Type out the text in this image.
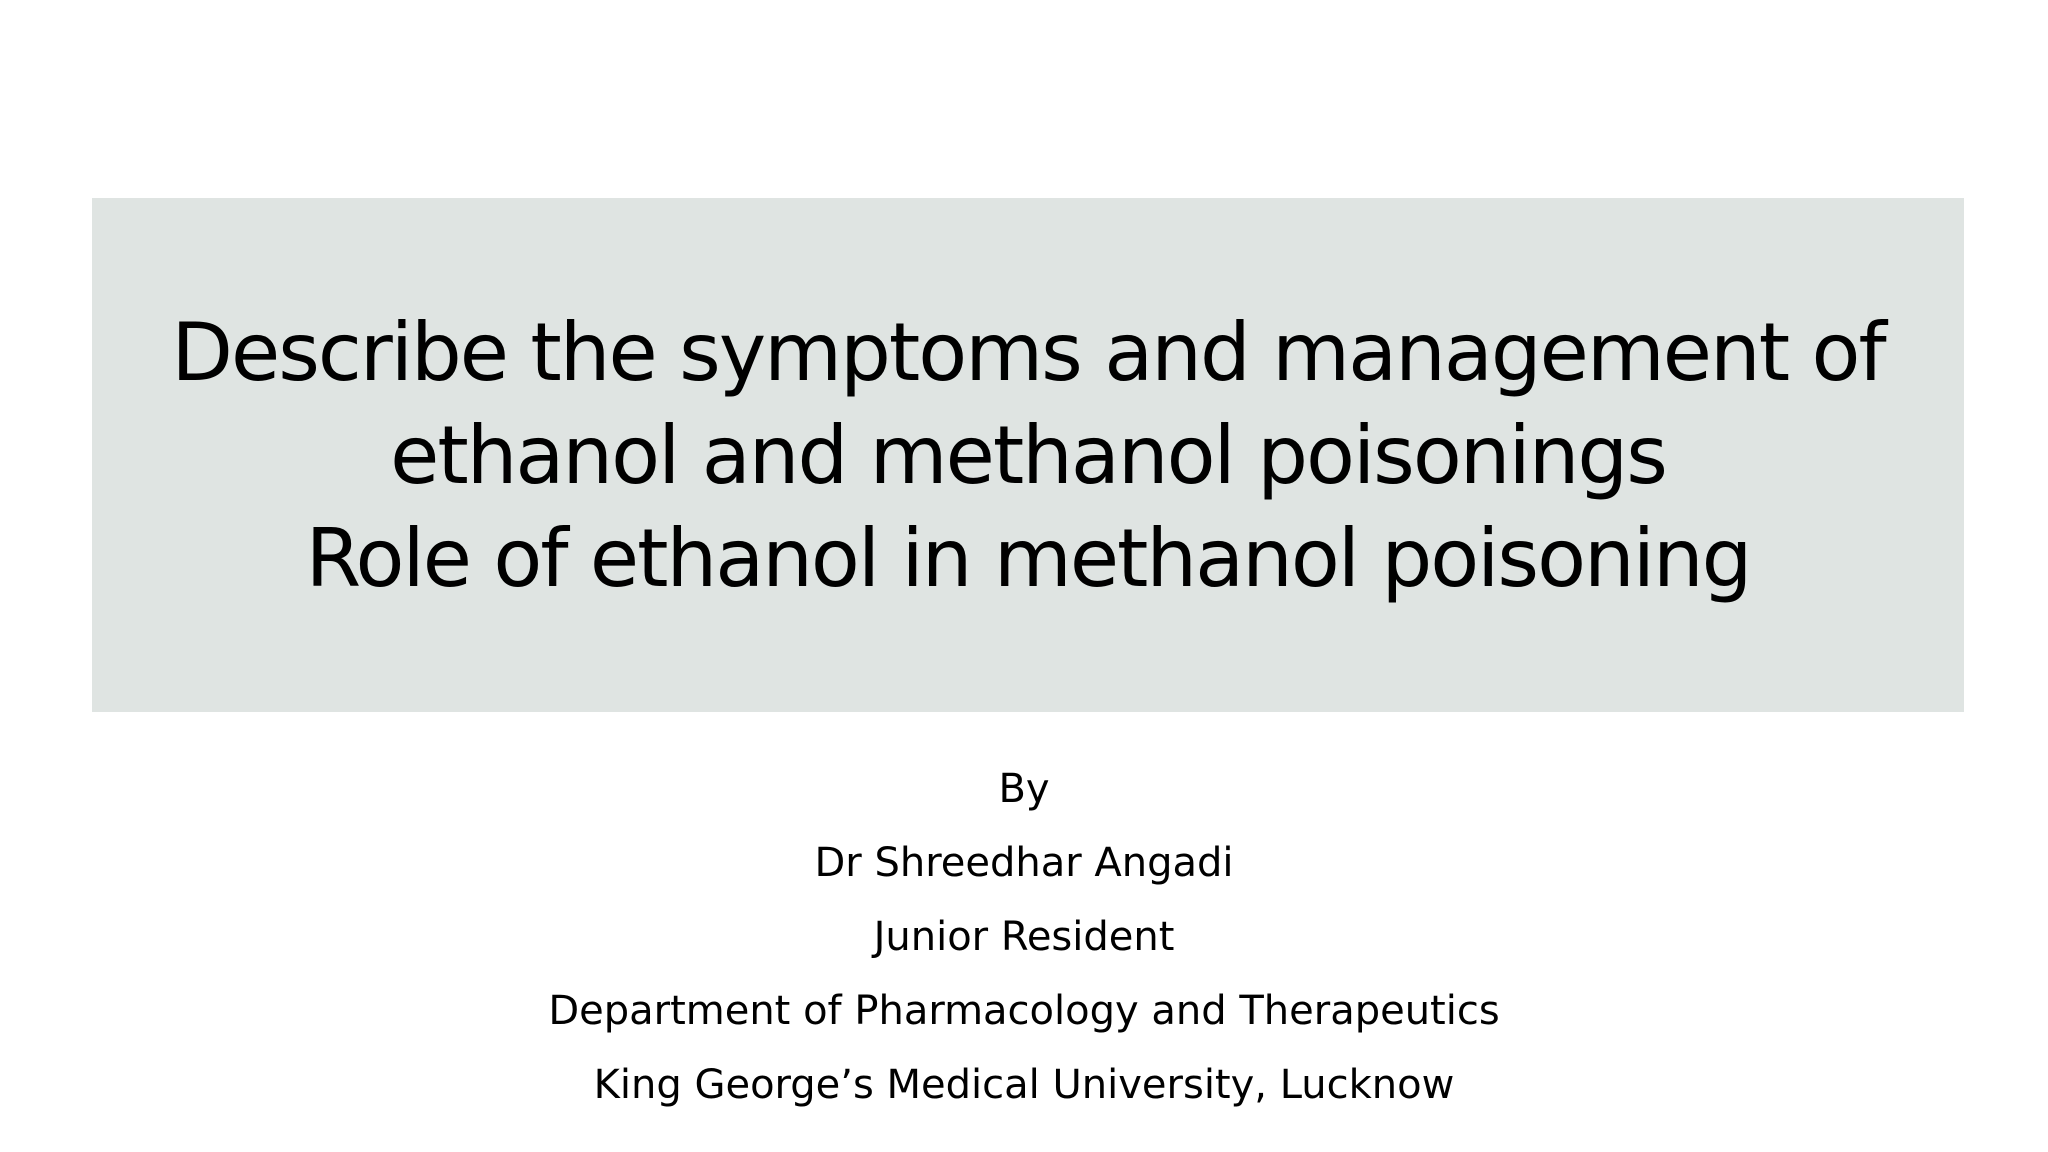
Describe the symptoms and management of
ethanol and methanol poisonings
Role of ethanol in methanol poisoning
By
Dr Shreedhar Angadi
Junior Resident
Department of Pharmacology and Therapeutics
King George’s Medical University, Lucknow
